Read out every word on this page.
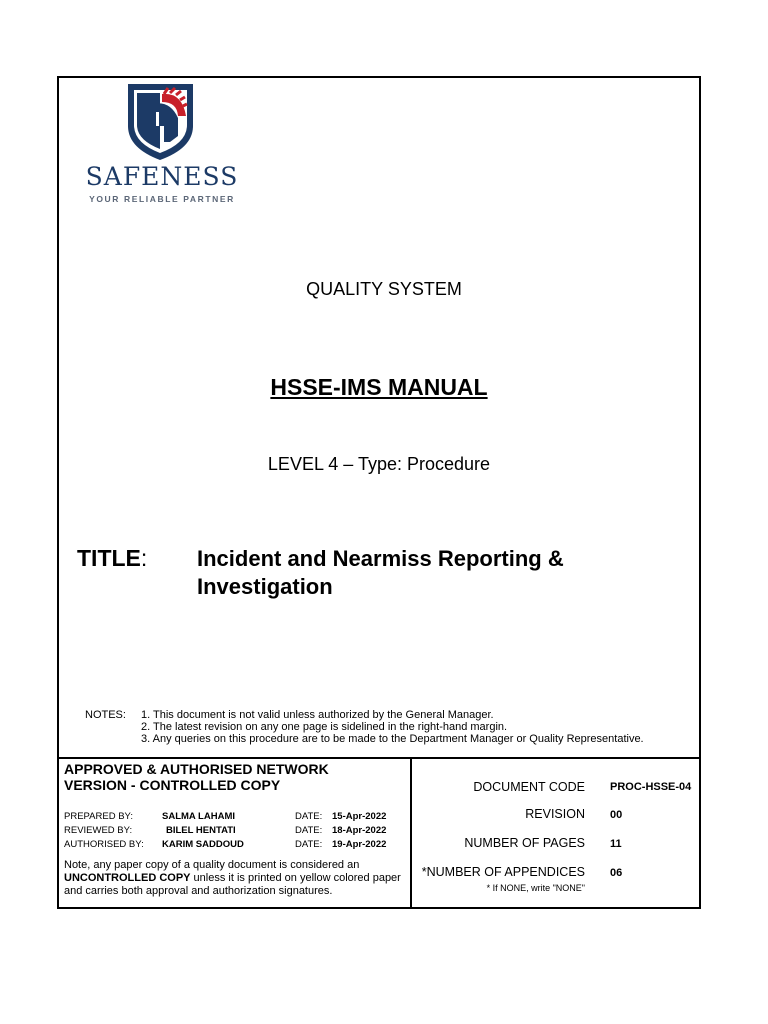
SAFENESS
YOUR RELIABLE PARTNER
QUALITY SYSTEM
HSSE-IMS MANUAL
LEVEL 4 – Type: Procedure
TITLE: Incident and Nearmiss Reporting & Investigation
NOTES: 1. This document is not valid unless authorized by the General Manager.
2. The latest revision on any one page is sidelined in the right-hand margin.
3. Any queries on this procedure are to be made to the Department Manager or Quality Representative.
APPROVED & AUTHORISED NETWORK
VERSION - CONTROLLED COPY
PREPARED BY:	SALMA LAHAMI	DATE: 15-Apr-2022
REVIEWED BY:	BILEL HENTATI	DATE: 18-Apr-2022
AUTHORISED BY:	KARIM SADDOUD	DATE: 19-Apr-2022
Note, any paper copy of a quality document is considered an UNCONTROLLED COPY unless it is printed on yellow colored paper and carries both approval and authorization signatures.
DOCUMENT CODE PROC-HSSE-04
REVISION 00
NUMBER OF PAGES 11
*NUMBER OF APPENDICES 06
* If NONE, write "NONE"
